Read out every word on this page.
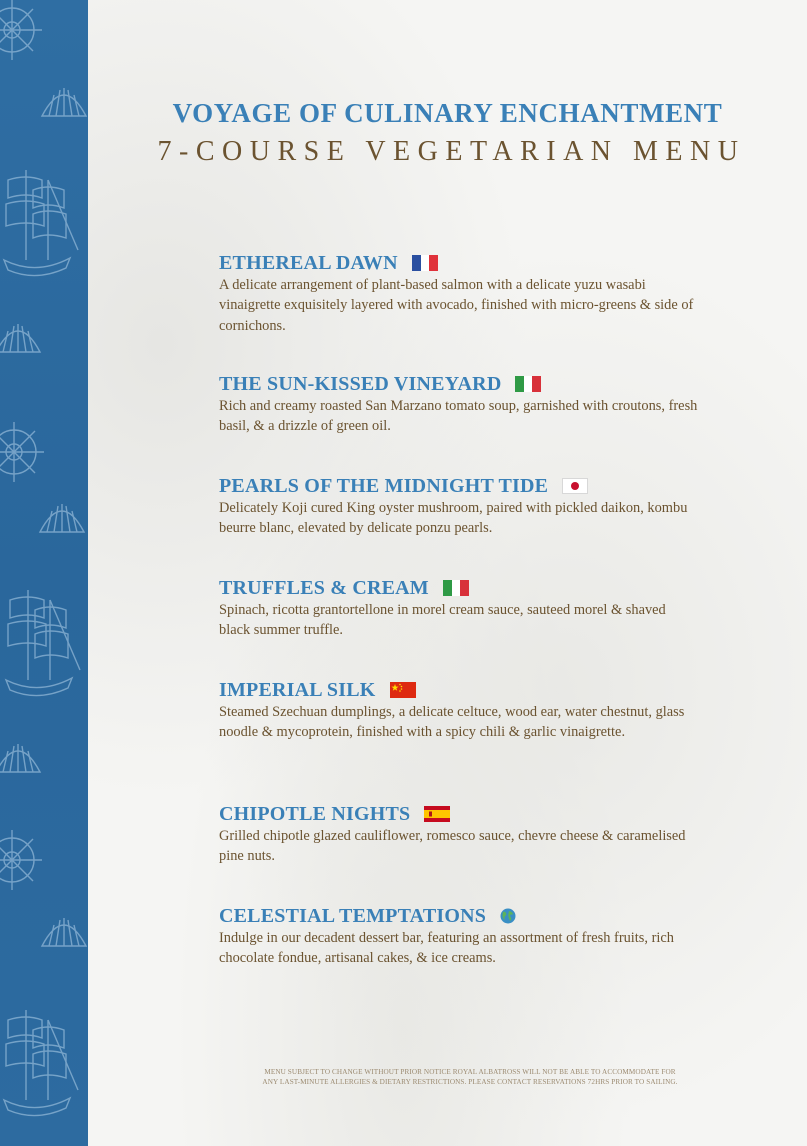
VOYAGE OF CULINARY ENCHANTMENT
7-COURSE VEGETARIAN MENU
ETHEREAL DAWN

A delicate arrangement of plant-based salmon with a delicate yuzu wasabi vinaigrette exquisitely layered with avocado, finished with micro-greens & side of cornichons.

THE SUN-KISSED VINEYARD

Rich and creamy roasted San Marzano tomato soup, garnished with croutons, fresh basil, & a drizzle of green oil.

PEARLS OF THE MIDNIGHT TIDE

Delicately Koji cured King oyster mushroom, paired with pickled daikon, kombu beurre blanc, elevated by delicate ponzu pearls.

TRUFFLES & CREAM

Spinach, ricotta grantortellone in morel cream sauce, sauteed morel & shaved black summer truffle.

IMPERIAL SILK

Steamed Szechuan dumplings, a delicate celtuce, wood ear, water chestnut, glass noodle & mycoprotein, finished with a spicy chili & garlic vinaigrette.

CHIPOTLE NIGHTS

Grilled chipotle glazed cauliflower, romesco sauce, chevre cheese & caramelised pine nuts.

CELESTIAL TEMPTATIONS

Indulge in our decadent dessert bar, featuring an assortment of fresh fruits, rich chocolate fondue, artisanal cakes, & ice creams.

MENU SUBJECT TO CHANGE WITHOUT PRIOR NOTICE ROYAL ALBATROSS WILL NOT BE ABLE TO ACCOMMODATE FOR
ANY LAST-MINUTE ALLERGIES & DIETARY RESTRICTIONS. PLEASE CONTACT RESERVATIONS 72HRS PRIOR TO SAILING.
